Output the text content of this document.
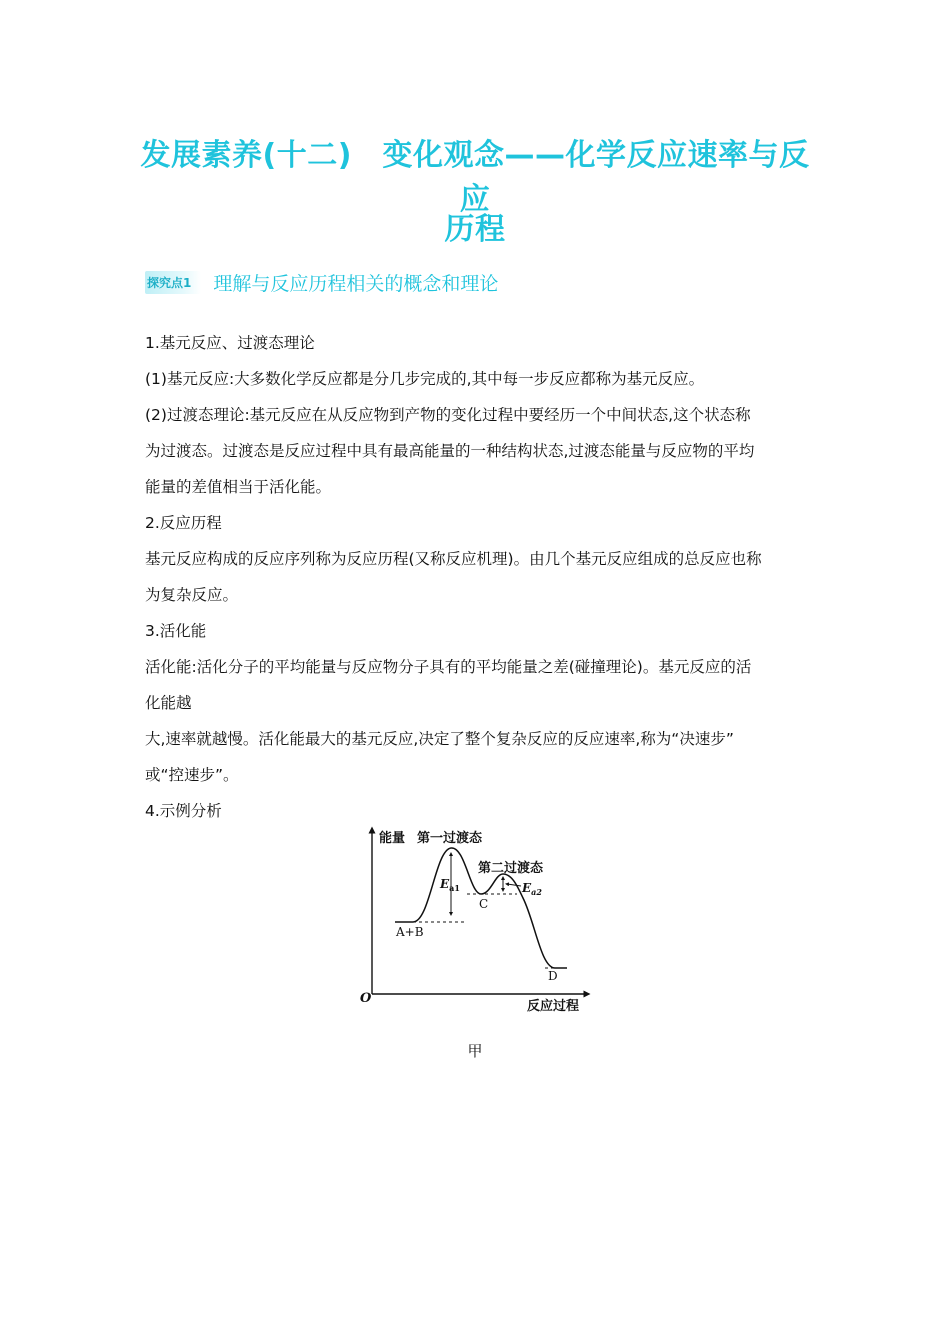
发展素养(十二)　变化观念——化学反应速率与反应
历程
探究点1	理解与反应历程相关的概念和理论
1.基元反应、过渡态理论
(1)基元反应:大多数化学反应都是分几步完成的,其中每一步反应都称为基元反应。
(2)过渡态理论:基元反应在从反应物到产物的变化过程中要经历一个中间状态,这个状态称
为过渡态。过渡态是反应过程中具有最高能量的一种结构状态,过渡态能量与反应物的平均
能量的差值相当于活化能。
2.反应历程
基元反应构成的反应序列称为反应历程(又称反应机理)。由几个基元反应组成的总反应也称
为复杂反应。
3.活化能
活化能:活化分子的平均能量与反应物分子具有的平均能量之差(碰撞理论)。基元反应的活
化能越
大,速率就越慢。活化能最大的基元反应,决定了整个复杂反应的反应速率,称为“决速步”
或“控速步”。
4.示例分析
能量 第一过渡态
第二过渡态
$E_{a1}$	$E_{a2}$
A+B
C
D
O
反应过程
甲
